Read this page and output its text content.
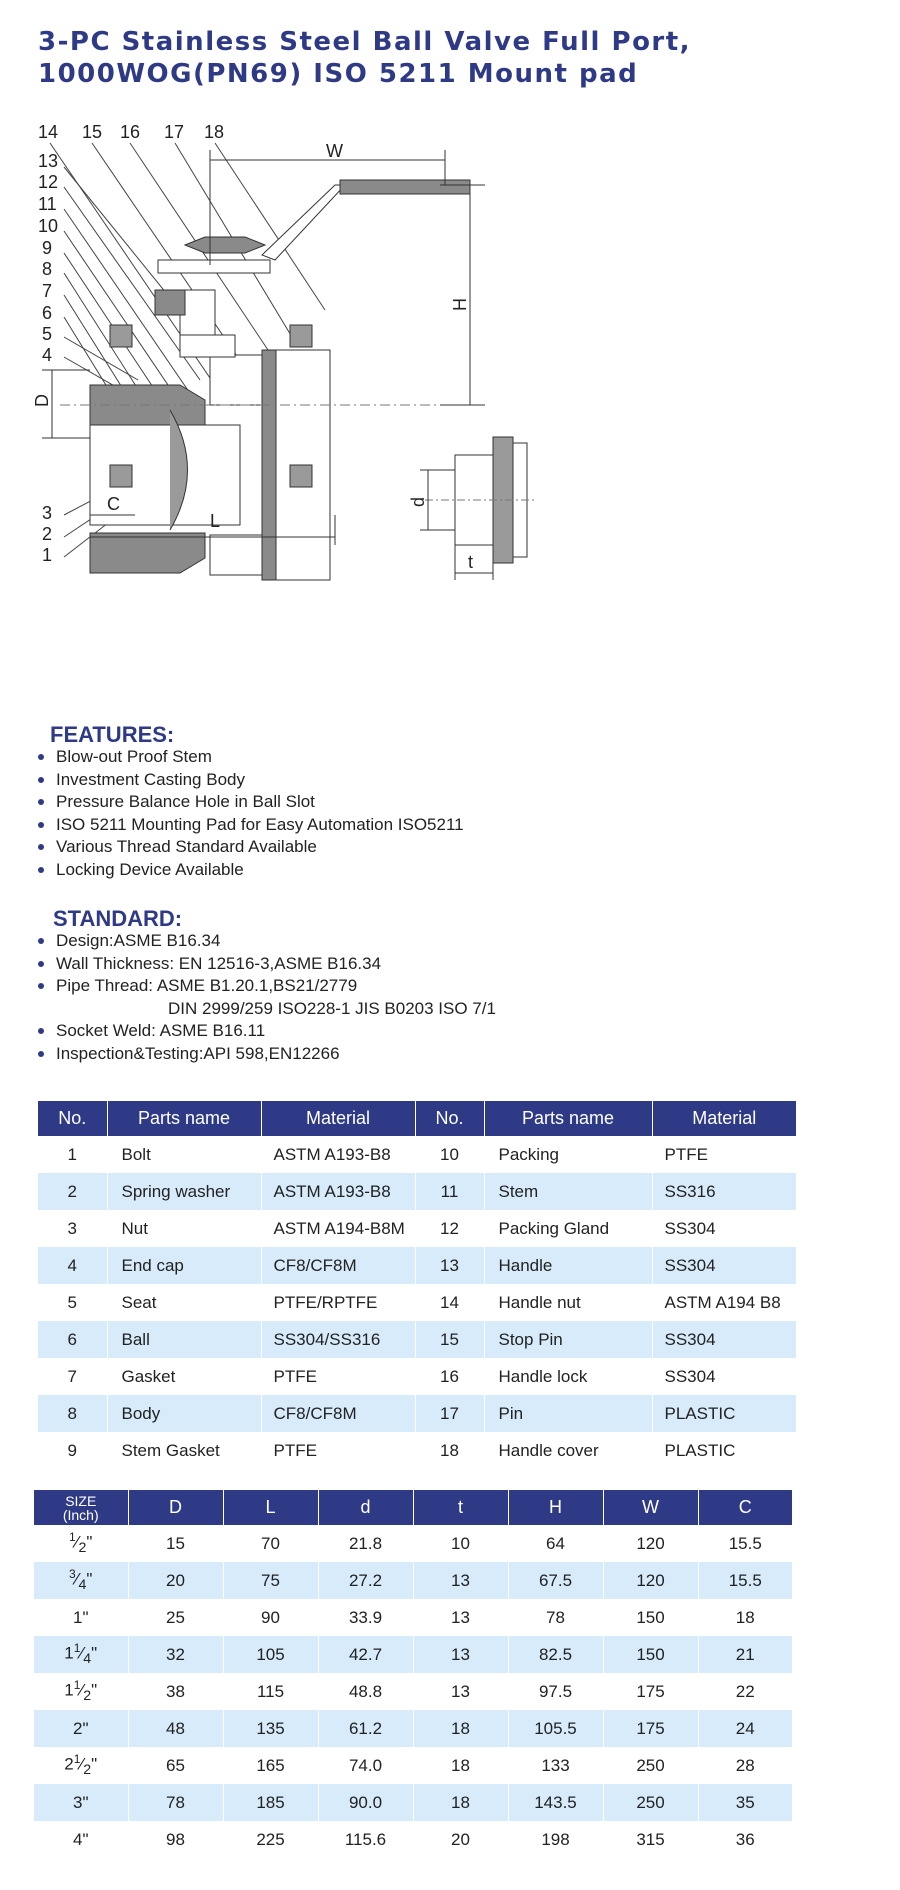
3-PC Stainless Steel Ball Valve Full Port,
1000WOG(PN69) ISO 5211 Mount pad
14 15 16 17 18
13
12
11
10
9
8
7
6
5
4
3
2
1
W
H
D
C
L
d
t
FEATURES:
Blow-out Proof Stem
Investment Casting Body
Pressure Balance Hole in Ball Slot
ISO 5211 Mounting Pad for Easy Automation ISO5211
Various Thread Standard Available
Locking Device Available
STANDARD:
Design:ASME B16.34
Wall Thickness: EN 12516-3,ASME B16.34
Pipe Thread: ASME B1.20.1,BS21/2779
DIN 2999/259 ISO228-1 JIS B0203 ISO 7/1
Socket Weld: ASME B16.11
Inspection&Testing:API 598,EN12266
No.	Parts name	Material	No.	Parts name	Material
1	Bolt	ASTM A193-B8	10	Packing	PTFE
2	Spring washer	ASTM A193-B8	11	Stem	SS316
3	Nut	ASTM A194-B8M	12	Packing Gland	SS304
4	End cap	CF8/CF8M	13	Handle	SS304
5	Seat	PTFE/RPTFE	14	Handle nut	ASTM A194 B8
6	Ball	SS304/SS316	15	Stop Pin	SS304
7	Gasket	PTFE	16	Handle lock	SS304
8	Body	CF8/CF8M	17	Pin	PLASTIC
9	Stem Gasket	PTFE	18	Handle cover	PLASTIC
SIZE
(Inch)	D	L	d	t	H	W	C
$^1⁄_2$"	15	70	21.8	10	64	120	15.5
$^3⁄_4$"	20	75	27.2	13	67.5	120	15.5
1"	25	90	33.9	13	78	150	18
$1^1⁄_4$"	32	105	42.7	13	82.5	150	21
$1^1⁄_2$"	38	115	48.8	13	97.5	175	22
2"	48	135	61.2	18	105.5	175	24
$2^1⁄_2$"	65	165	74.0	18	133	250	28
3"	78	185	90.0	18	143.5	250	35
4"	98	225	115.6	20	198	315	36
